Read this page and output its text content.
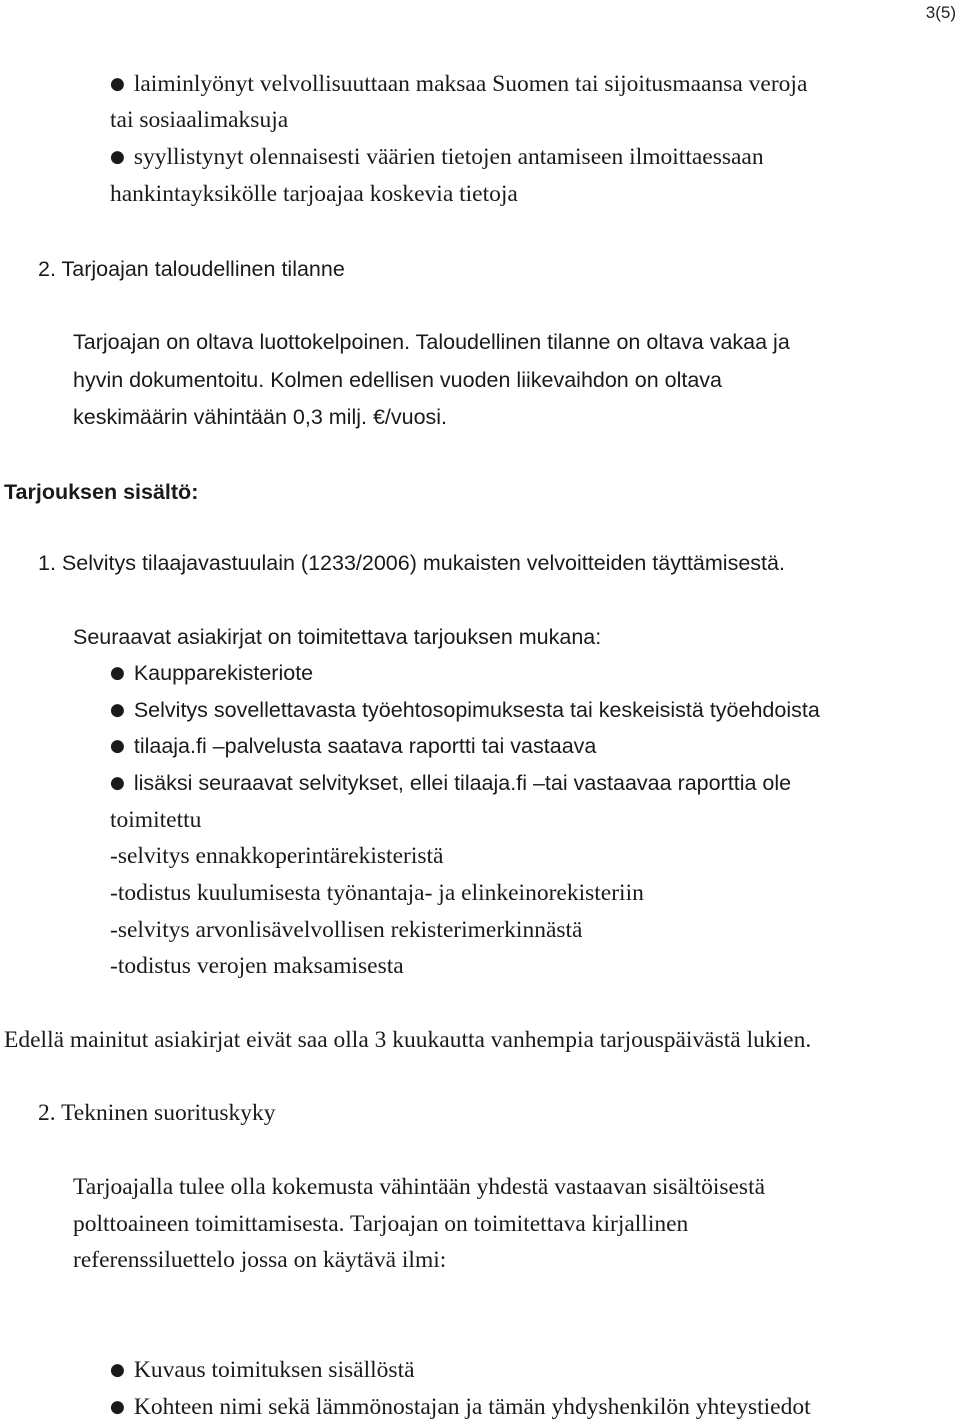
3(5)
● laiminlyönyt velvollisuuttaan maksaa Suomen tai sijoitusmaansa veroja
tai sosiaalimaksuja
● syyllistynyt olennaisesti väärien tietojen antamiseen ilmoittaessaan
hankintayksikölle tarjoajaa koskevia tietoja
2. Tarjoajan taloudellinen tilanne
Tarjoajan on oltava luottokelpoinen. Taloudellinen tilanne on oltava vakaa ja
hyvin dokumentoitu. Kolmen edellisen vuoden liikevaihdon on oltava
keskimäärin vähintään 0,3 milj. €/vuosi.
Tarjouksen sisältö:
1. Selvitys tilaajavastuulain (1233/2006) mukaisten velvoitteiden täyttämisestä.
Seuraavat asiakirjat on toimitettava tarjouksen mukana:
● Kaupparekisteriote
● Selvitys sovellettavasta työehtosopimuksesta tai keskeisistä työehdoista
● tilaaja.fi –palvelusta saatava raportti tai vastaava
● lisäksi seuraavat selvitykset, ellei tilaaja.fi –tai vastaavaa raporttia ole
toimitettu
-selvitys ennakkoperintärekisteristä
-todistus kuulumisesta työnantaja- ja elinkeinorekisteriin
-selvitys arvonlisävelvollisen rekisterimerkinnästä
-todistus verojen maksamisesta
Edellä mainitut asiakirjat eivät saa olla 3 kuukautta vanhempia tarjouspäivästä lukien.
2. Tekninen suorituskyky
Tarjoajalla tulee olla kokemusta vähintään yhdestä vastaavan sisältöisestä
polttoaineen toimittamisesta. Tarjoajan on toimitettava kirjallinen
referenssiluettelo jossa on käytävä ilmi:
● Kuvaus toimituksen sisällöstä
● Kohteen nimi sekä lämmönostajan ja tämän yhdyshenkilön yhteystiedot
